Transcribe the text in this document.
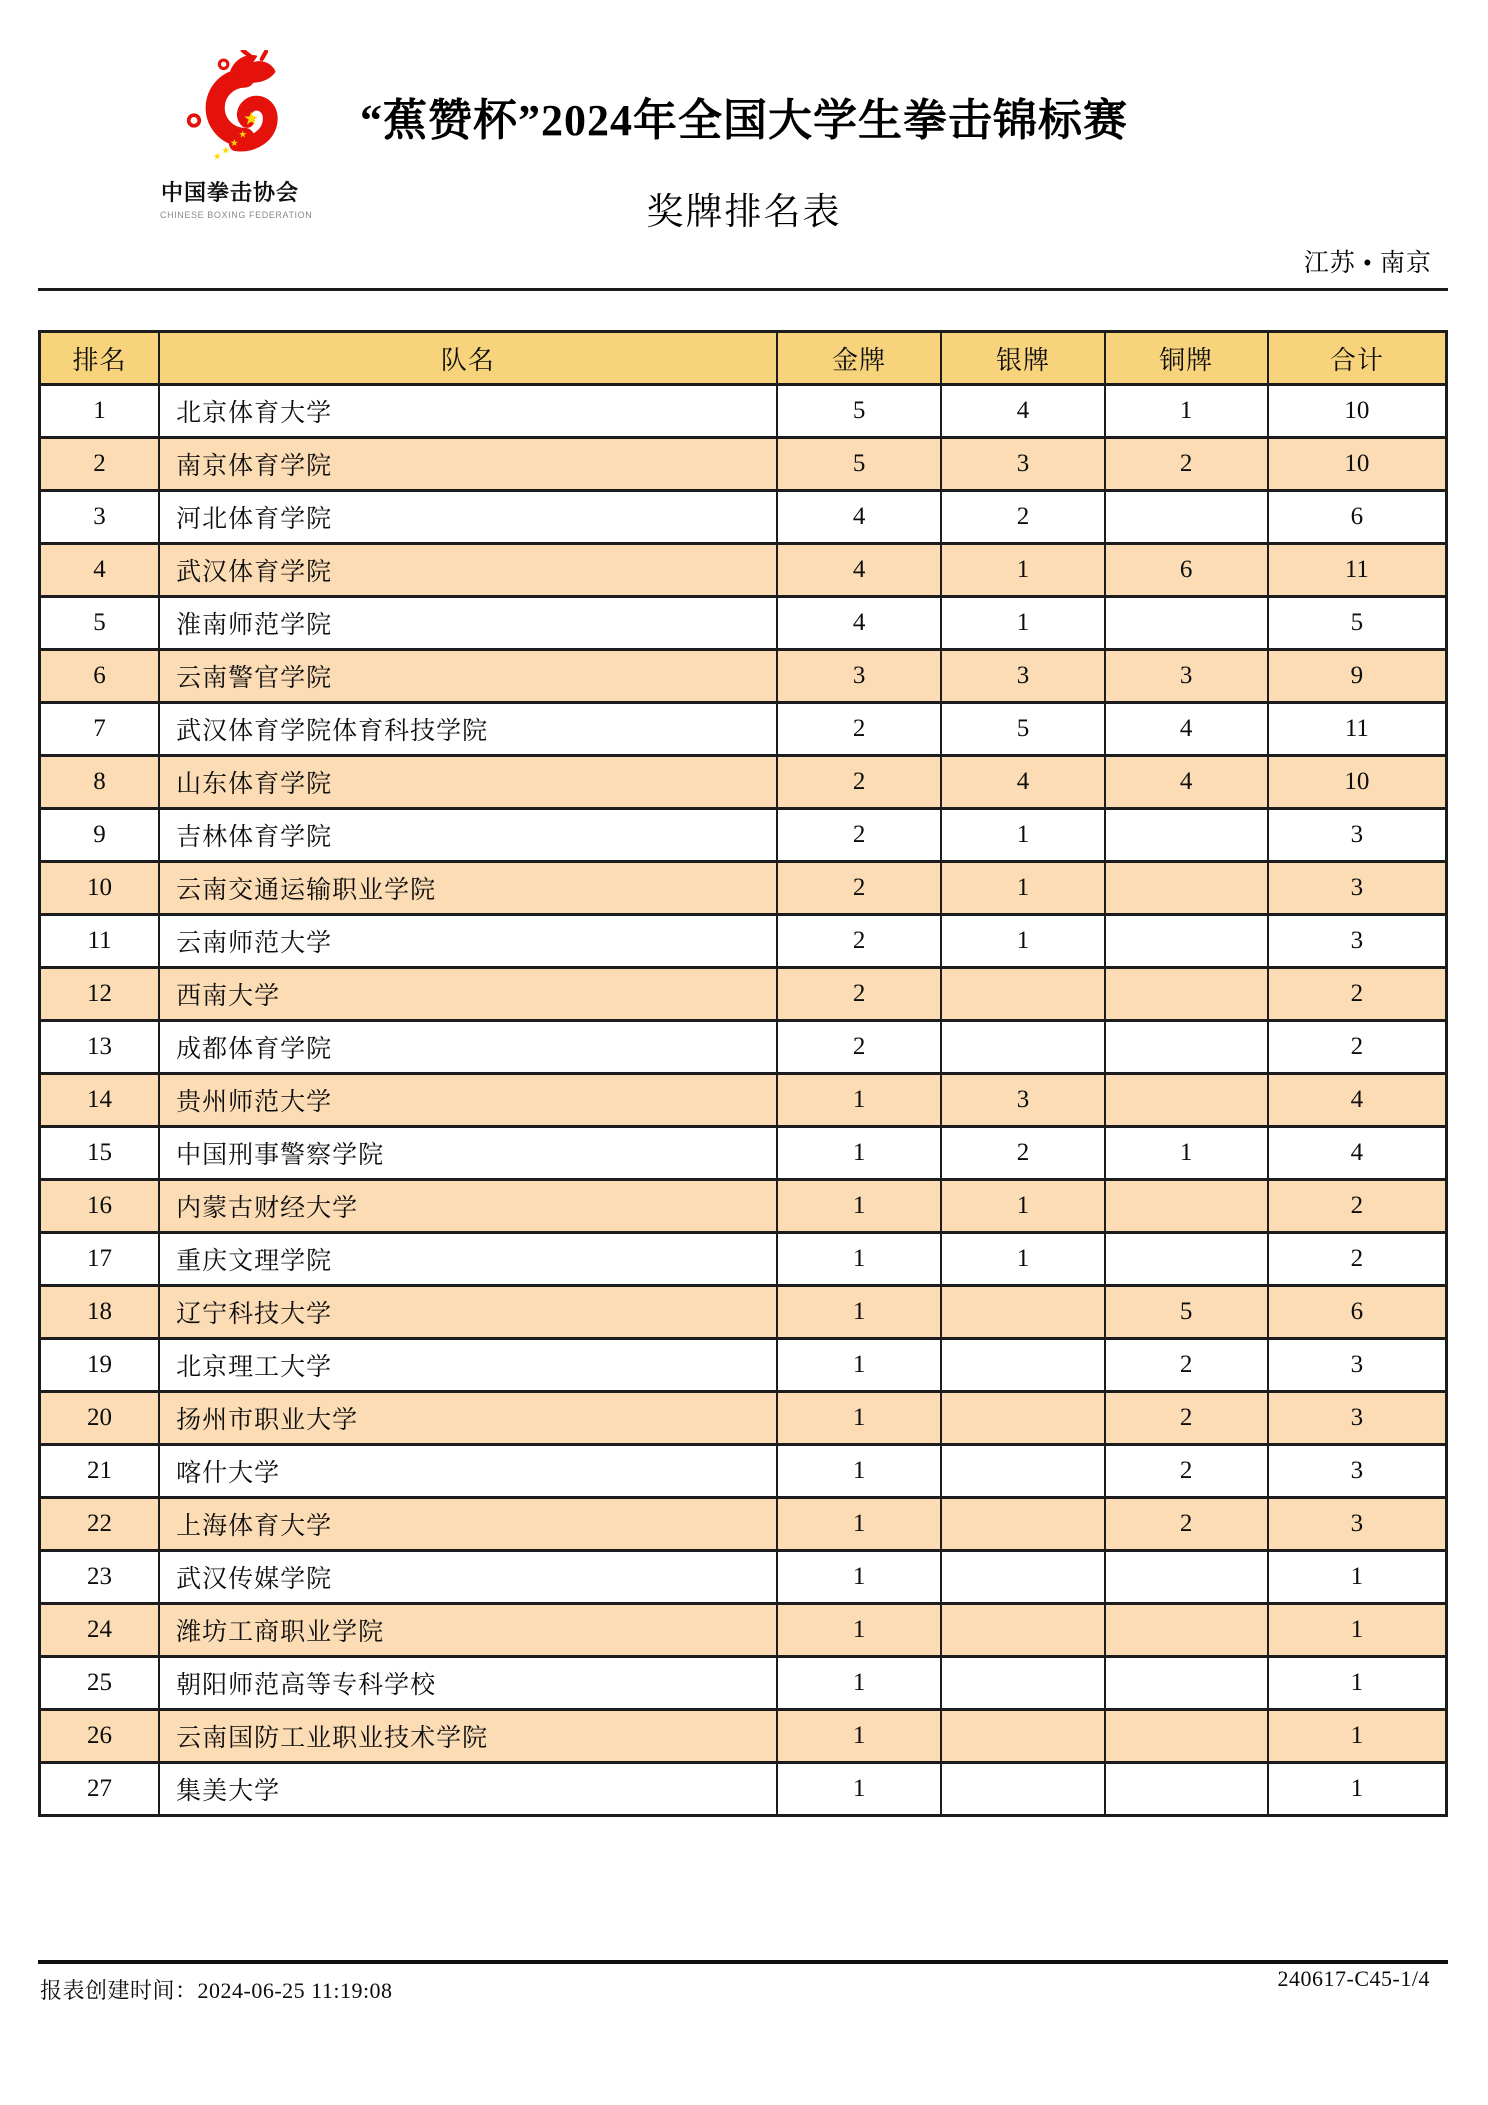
★
★
★
★
★
中国拳击协会
CHINESE BOXING FEDERATION
“蕉赞杯”2024年全国大学生拳击锦标赛
奖牌排名表
江苏 • 南京
排名	队名	金牌	银牌	铜牌	合计
1	北京体育大学	5	4	1	10
2	南京体育学院	5	3	2	10
3	河北体育学院	4	2		6
4	武汉体育学院	4	1	6	11
5	淮南师范学院	4	1		5
6	云南警官学院	3	3	3	9
7	武汉体育学院体育科技学院	2	5	4	11
8	山东体育学院	2	4	4	10
9	吉林体育学院	2	1		3
10	云南交通运输职业学院	2	1		3
11	云南师范大学	2	1		3
12	西南大学	2			2
13	成都体育学院	2			2
14	贵州师范大学	1	3		4
15	中国刑事警察学院	1	2	1	4
16	内蒙古财经大学	1	1		2
17	重庆文理学院	1	1		2
18	辽宁科技大学	1		5	6
19	北京理工大学	1		2	3
20	扬州市职业大学	1		2	3
21	喀什大学	1		2	3
22	上海体育大学	1		2	3
23	武汉传媒学院	1			1
24	潍坊工商职业学院	1			1
25	朝阳师范高等专科学校	1			1
26	云南国防工业职业技术学院	1			1
27	集美大学	1			1
报表创建时间：2024-06-25 11:19:08	240617-C45-1/4
